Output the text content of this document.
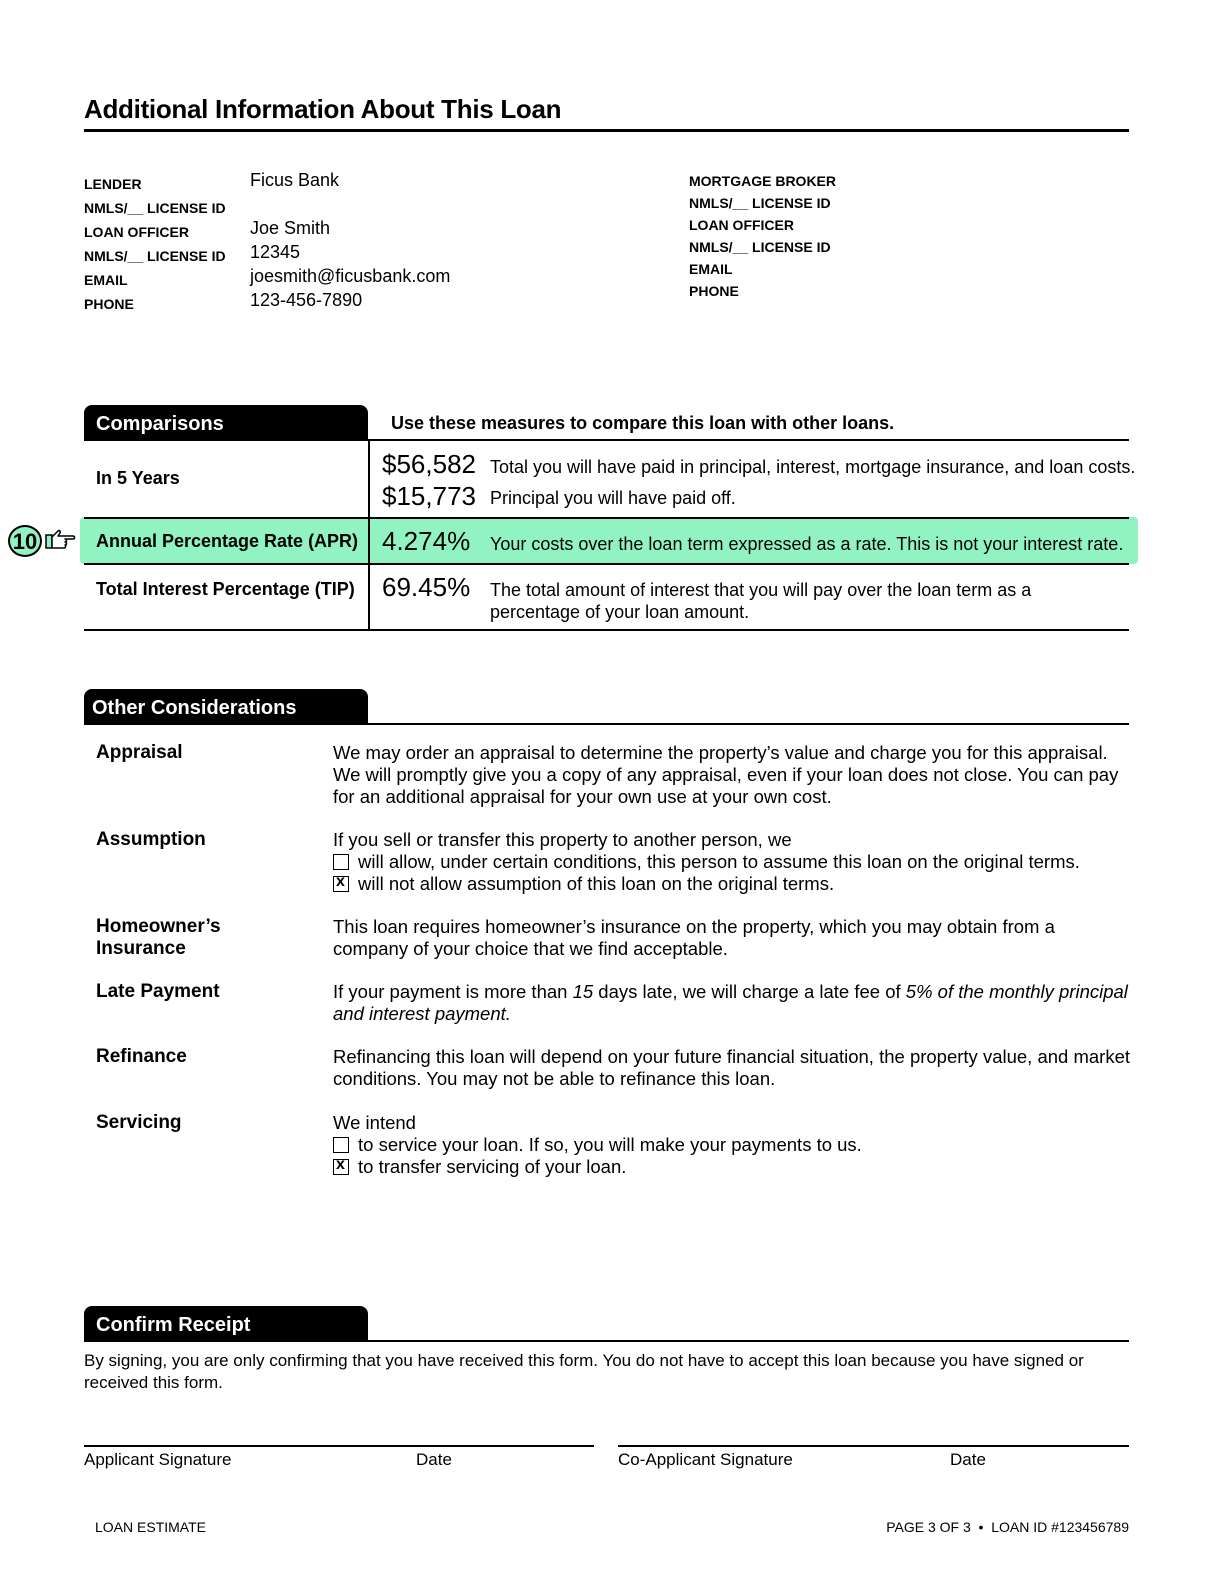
Additional Information About This Loan
LENDER	Ficus Bank
NMLS/__ LICENSE ID
LOAN OFFICER	Joe Smith
NMLS/__ LICENSE ID 12345
EMAIL	joesmith@ficusbank.com
PHONE	123-456-7890
MORTGAGE BROKER
NMLS/__ LICENSE ID
LOAN OFFICER
NMLS/__ LICENSE ID
EMAIL
PHONE
Comparisons	Use these measures to compare this loan with other loans.
In 5 Years	$56,582 Total you will have paid in principal, interest, mortgage insurance, and loan costs.
$15,773 Principal you will have paid off.
10	Annual Percentage Rate (APR) 4.274% Your costs over the loan term expressed as a rate. This is not your interest rate.
Total Interest Percentage (TIP) 69.45% The total amount of interest that you will pay over the loan term as a percentage of your loan amount.
Other Considerations
Appraisal	We may order an appraisal to determine the property’s value and charge you for this appraisal. We will promptly give you a copy of any appraisal, even if your loan does not close. You can pay for an additional appraisal for your own use at your own cost.
Assumption	If you sell or transfer this property to another person, we
will allow, under certain conditions, this person to assume this loan on the original terms.
xwill not allow assumption of this loan on the original terms.
Homeowner’s
Insurance
This loan requires homeowner’s insurance on the property, which you may obtain from a company of your choice that we find acceptable.
Late Payment	If your payment is more than 15 days late, we will charge a late fee of 5% of the monthly principal and interest payment.
Refinance	Refinancing this loan will depend on your future financial situation, the property value, and market conditions. You may not be able to refinance this loan.
Servicing	We intend
to service your loan. If so, you will make your payments to us.
xto transfer servicing of your loan.
Confirm Receipt
By signing, you are only confirming that you have received this form. You do not have to accept this loan because you have signed or received this form.
Applicant Signature	Date	Co-Applicant Signature	Date
LOAN ESTIMATE	PAGE 3 OF 3  •  LOAN ID #123456789
